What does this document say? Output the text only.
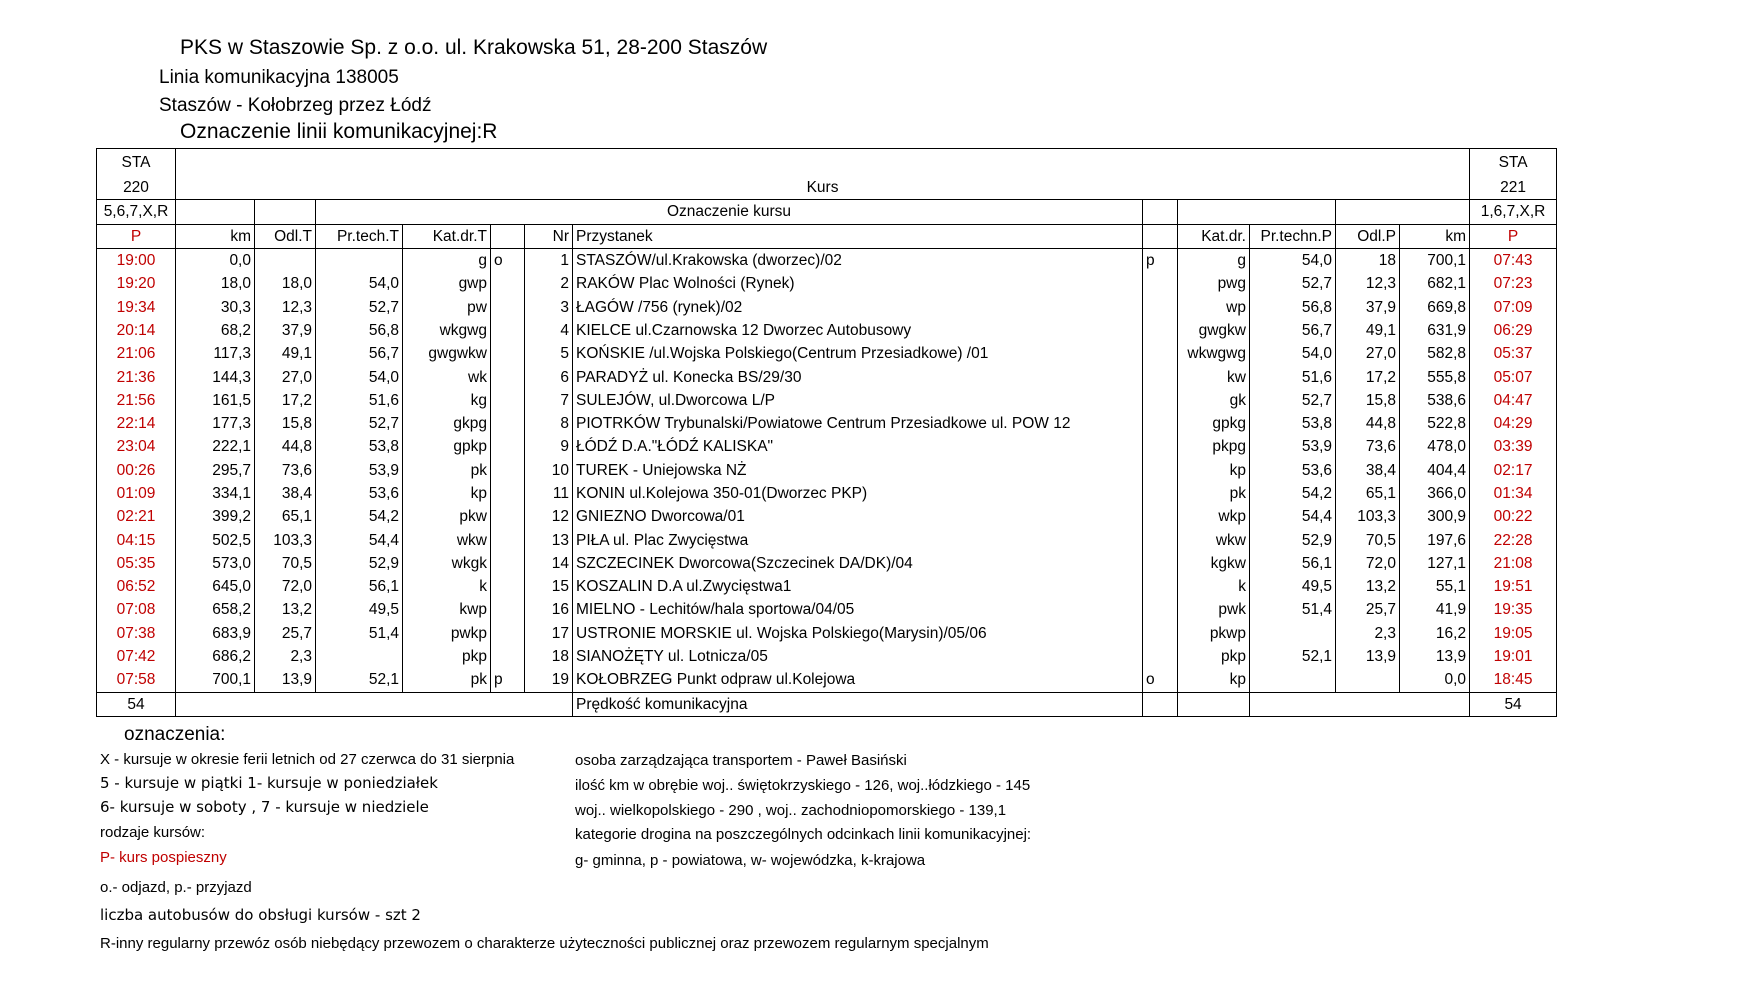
PKS w Staszowie Sp. z o.o. ul. Krakowska 51, 28-200 Staszów
Linia komunikacyjna 138005
Staszów - Kołobrzeg przez Łódź
Oznaczenie linii komunikacyjnej:R
STA													STA
220	Kurs												221
5,6,7,X,R			Oznaczenie kursu										1,6,7,X,R
P	km	Odl.T	Pr.tech.T	Kat.dr.T		Nr	Przystanek		Kat.dr.	Pr.techn.P	Odl.P	km	P
19:00	0,0			g	o	1	STASZÓW/ul.Krakowska (dworzec)/02	p	g	54,0	18	700,1	07:43
19:20	18,0	18,0	54,0	gwp		2	RAKÓW Plac Wolności (Rynek)		pwg	52,7	12,3	682,1	07:23
19:34	30,3	12,3	52,7	pw		3	ŁAGÓW /756 (rynek)/02		wp	56,8	37,9	669,8	07:09
20:14	68,2	37,9	56,8	wkgwg		4	KIELCE ul.Czarnowska 12 Dworzec Autobusowy		gwgkw	56,7	49,1	631,9	06:29
21:06	117,3	49,1	56,7	gwgwkw		5	KOŃSKIE /ul.Wojska Polskiego(Centrum Przesiadkowe) /01		wkwgwg	54,0	27,0	582,8	05:37
21:36	144,3	27,0	54,0	wk		6	PARADYŻ ul. Konecka BS/29/30		kw	51,6	17,2	555,8	05:07
21:56	161,5	17,2	51,6	kg		7	SULEJÓW, ul.Dworcowa L/P		gk	52,7	15,8	538,6	04:47
22:14	177,3	15,8	52,7	gkpg		8	PIOTRKÓW Trybunalski/Powiatowe Centrum Przesiadkowe ul. POW 12		gpkg	53,8	44,8	522,8	04:29
23:04	222,1	44,8	53,8	gpkp		9	ŁÓDŹ D.A."ŁÓDŹ KALISKA"		pkpg	53,9	73,6	478,0	03:39
00:26	295,7	73,6	53,9	pk		10	TUREK - Uniejowska NŻ		kp	53,6	38,4	404,4	02:17
01:09	334,1	38,4	53,6	kp		11	KONIN ul.Kolejowa 350-01(Dworzec PKP)		pk	54,2	65,1	366,0	01:34
02:21	399,2	65,1	54,2	pkw		12	GNIEZNO Dworcowa/01		wkp	54,4	103,3	300,9	00:22
04:15	502,5	103,3	54,4	wkw		13	PIŁA ul. Plac Zwycięstwa		wkw	52,9	70,5	197,6	22:28
05:35	573,0	70,5	52,9	wkgk		14	SZCZECINEK Dworcowa(Szczecinek DA/DK)/04		kgkw	56,1	72,0	127,1	21:08
06:52	645,0	72,0	56,1	k		15	KOSZALIN D.A ul.Zwycięstwa1		k	49,5	13,2	55,1	19:51
07:08	658,2	13,2	49,5	kwp		16	MIELNO - Lechitów/hala sportowa/04/05		pwk	51,4	25,7	41,9	19:35
07:38	683,9	25,7	51,4	pwkp		17	USTRONIE MORSKIE ul. Wojska Polskiego(Marysin)/05/06		pkwp		2,3	16,2	19:05
07:42	686,2	2,3		pkp		18	SIANOŻĘTY ul. Lotnicza/05		pkp	52,1	13,9	13,9	19:01
07:58	700,1	13,9	52,1	pk	p	19	KOŁOBRZEG Punkt odpraw ul.Kolejowa	o	kp			0,0	18:45
54							Prędkość komunikacyjna						54
oznaczenia:
X - kursuje w okresie ferii letnich od 27 czerwca do 31 sierpnia
5 - kursuje w piątki 1- kursuje w poniedziałek
6- kursuje w soboty , 7 - kursuje w niedziele
rodzaje kursów:
P- kurs pospieszny
o.- odjazd, p.- przyjazd
liczba autobusów do obsługi kursów - szt 2
R-inny regularny przewóz osób niebędący przewozem o charakterze użyteczności publicznej oraz przewozem regularnym specjalnym
osoba zarządzająca transportem - Paweł Basiński
ilość km w obrębie woj.. świętokrzyskiego - 126, woj..łódzkiego - 145
woj.. wielkopolskiego - 290 , woj.. zachodniopomorskiego - 139,1
kategorie drogina na poszczególnych odcinkach linii komunikacyjnej:
g- gminna, p - powiatowa, w- wojewódzka, k-krajowa
